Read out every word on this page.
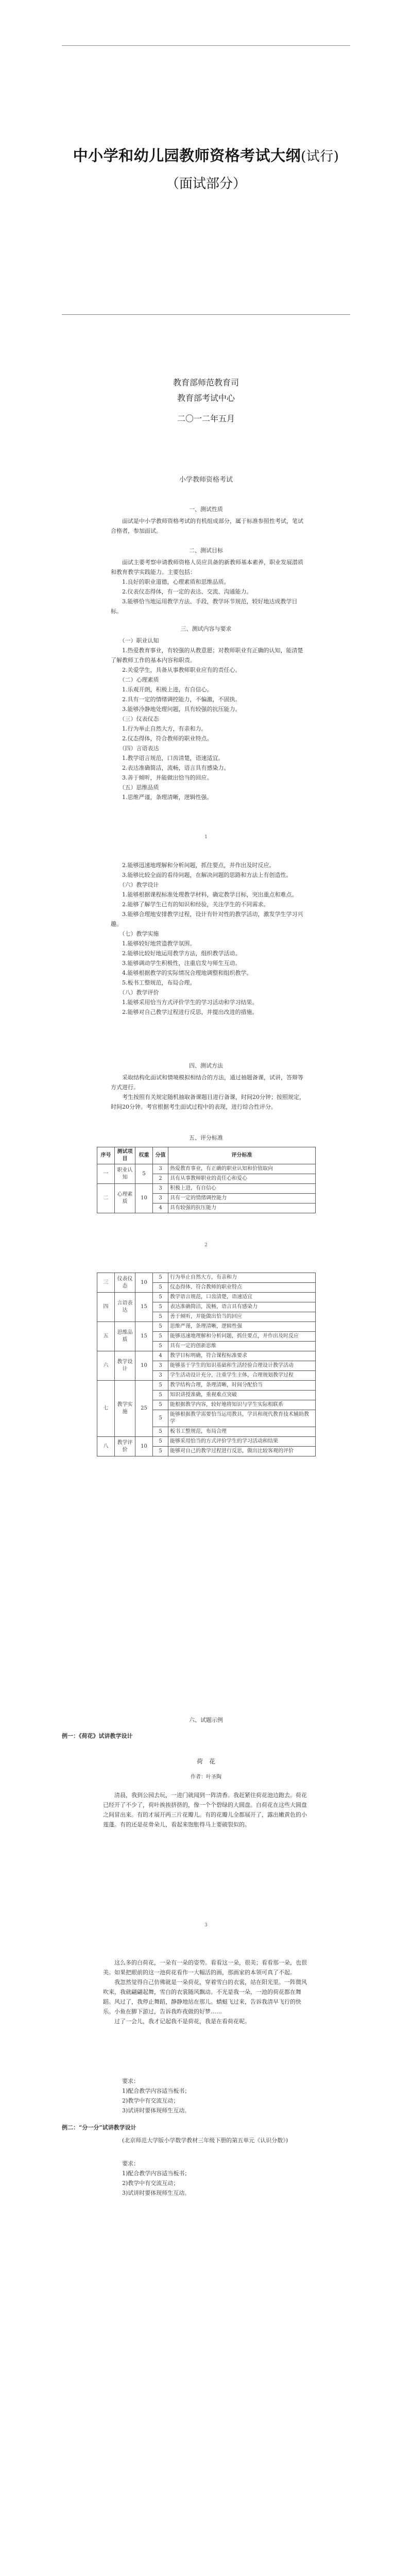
中小学和幼儿园教师资格考试大纲(试行)
（面试部分）
教育部师范教育司
教育部考试中心
二〇一二年五月
小学教师资格考试
一、测试性质

面试是中小学教师资格考试的有机组成部分，属于标准参照性考试，笔试合格者，参加面试。

二、测试目标

面试主要考察申请教师资格人员应具备的新教师基本素养，职业发展潜质和教育教学实践能力。主要包括：

1.良好的职业道德，心理素质和思维品质。

2.仪表仪态得体，有一定的表达、交流、沟通能力。

3.能够恰当地运用教学方法、手段，教学环节规范，较好地达成教学目标。

三、测试内容与要求

（一）职业认知

1.热爱教育事业，有较强的从教意愿；对教师职业有正确的认知，能清楚了解教师工作的基本内容和职责。

2.关爱学生，具备从事教师职业应有的责任心。

（二）心理素质

1.乐观开朗，积极上进，有自信心。

2.具有一定的情绪调控能力，不偏激，不固执。

3.能够冷静地处理问题，具有较强的抗压能力。

（三）仪表仪态

1.行为举止自然大方，有亲和力。

2.仪态得体，符合教师的职业特点。

（四）言语表达

1.教学语言规范，口齿清楚，语速适宜。

2.表达准确简洁，流畅，语言具有感染力。

3.善于倾听，并能做出恰当的回应。

（五）思维品质

1.思维严谨，条理清晰，逻辑性强。

1

2.能够迅速地理解和分析问题，抓住要点，并作出及时反应。

3.能够比较全面的看待问题，在解决问题的思路和方法上有创造性。

（六）教学设计

1.能够根据课程标准处理教学材料，确定教学目标，突出重点和难点。

2.能够了解学生已有的知识和经验，关注学生的不同需求。

3.能够合理地安排教学过程，设计有针对性的教学活动，激发学生学习兴趣。

（七）教学实施

1.能够较好地营造教学氛围。

2.能够比较好地运用教学方法，组织教学活动。

3.能够调动学生积极性，注重启发与师生互动。

4.能够根据教学的实际情况合理地调整和组织教学。

5.板书工整规范，布局合理。

（八）教学评价

1.能够采用恰当方式评价学生的学习活动和学习结果。

2.能够对自己教学过程进行反思，并提出改进的措施。

四、测试方法

采取结构化面试和情境模拟相结合的方法，通过抽题备课，试讲，答辩等方式进行。

考生按照有关规定随机抽取备课题目进行备课，时间20分钟；按照规定，时间20分钟。考官根据考生面试过程中的表现，进行综合性评分。

五、评分标准
序号	测试项目	权重	分值	评分标准
一	职业认知	5	3	热爱教育事业，有正确的职业认知和价值取向
			2	具有从事教师职业的责任心和爱心
二	心理素质	10	3	积极上进，有自信心
			3	具有一定的情绪调控能力
			4	具有较强的抗压能力
2
三	仪表仪态	10	5	行为举止自然大方，有亲和力
			5	仪态得体，符合教师的职业特点
四	言语表达	15	5	教学语言规范，口齿清楚，语速适宜
			5	表达准确简洁，流畅，语言具有感染力
			5	善于倾听，并能做出恰当的回应
五	思维品质	15	5	思维严谨，条理清晰，逻辑性强
			5	能够迅速地理解和分析问题，抓住要点，并作出及时反应
			5	具有一定的创新思维
六	教学设计	10	4	教学目标明确，符合课程标准要求
			3	能够基于学生的知识基础和生活经验合理设计教学活动
			3	学生活动设计充分，注重学生主体，合理规划教学过程
七	教学实施	25	5	教学结构合理，条理清晰，时间分配恰当
			5	知识讲授准确，重视难点突破
			5	能根据教学内容，较好地将知识与学生实际相联系
			5	能够根据教学需要恰当运用教具，学具和现代教育技术辅助教学
			5	板书工整规范，布局合理
八	教学评价	10	5	能够采用恰当的方式评价学生的学习活动和结果
			5	能够对自己的教学过程进行反思，做出比较客观的评价
六、试题示例

例一：《荷花》试讲教学设计

荷　花
作者：叶圣陶

清晨，我到公园去玩，一进门就闻到一阵清香。我赶紧往荷花池边跑去。荷花已经开了不少了，荷叶挨挨挤挤的，像一个个碧绿的大圆盘。白荷花在这些大圆盘之间冒出来。有的才展开两三片花瓣儿。有的花瓣儿全都展开了，露出嫩黄色的小莲蓬。有的还是花骨朵儿，看起来饱胀得马上要破裂似的。

3

这么多的白荷花，一朵有一朵的姿势。看看这一朵，很美；看看那一朵，也很美。如果把眼前的这一池荷花看作一大幅活的画，那画家的本领可真了不起。

我忽然觉得自己仿佛就是一朵荷花，穿着雪白的衣裳，站在阳光里。一阵微风吹来，我就翩翩起舞，雪白的衣裳随风飘动。不光是我一朵，一池的荷花都在舞蹈。风过了，我停止舞蹈，静静地站在那儿。蜻蜓飞过来，告诉我清早飞行的快乐。小鱼在脚下游过，告诉我昨夜做的好梦……

过了一会儿，我才记起我不是荷花，我是在看荷花呢。

要求：

1)配合教学内容适当板书；

2)教学中有交流互动；

3)试讲时要体现师生互动。

例二：“分一分”试讲教学设计

(北京师范大学版小学数学教材三年级下册的第五单元《认识分数》)

要求：

1)配合教学内容适当板书；

2)教学中有交流互动；

3)试讲时要体现师生互动。
